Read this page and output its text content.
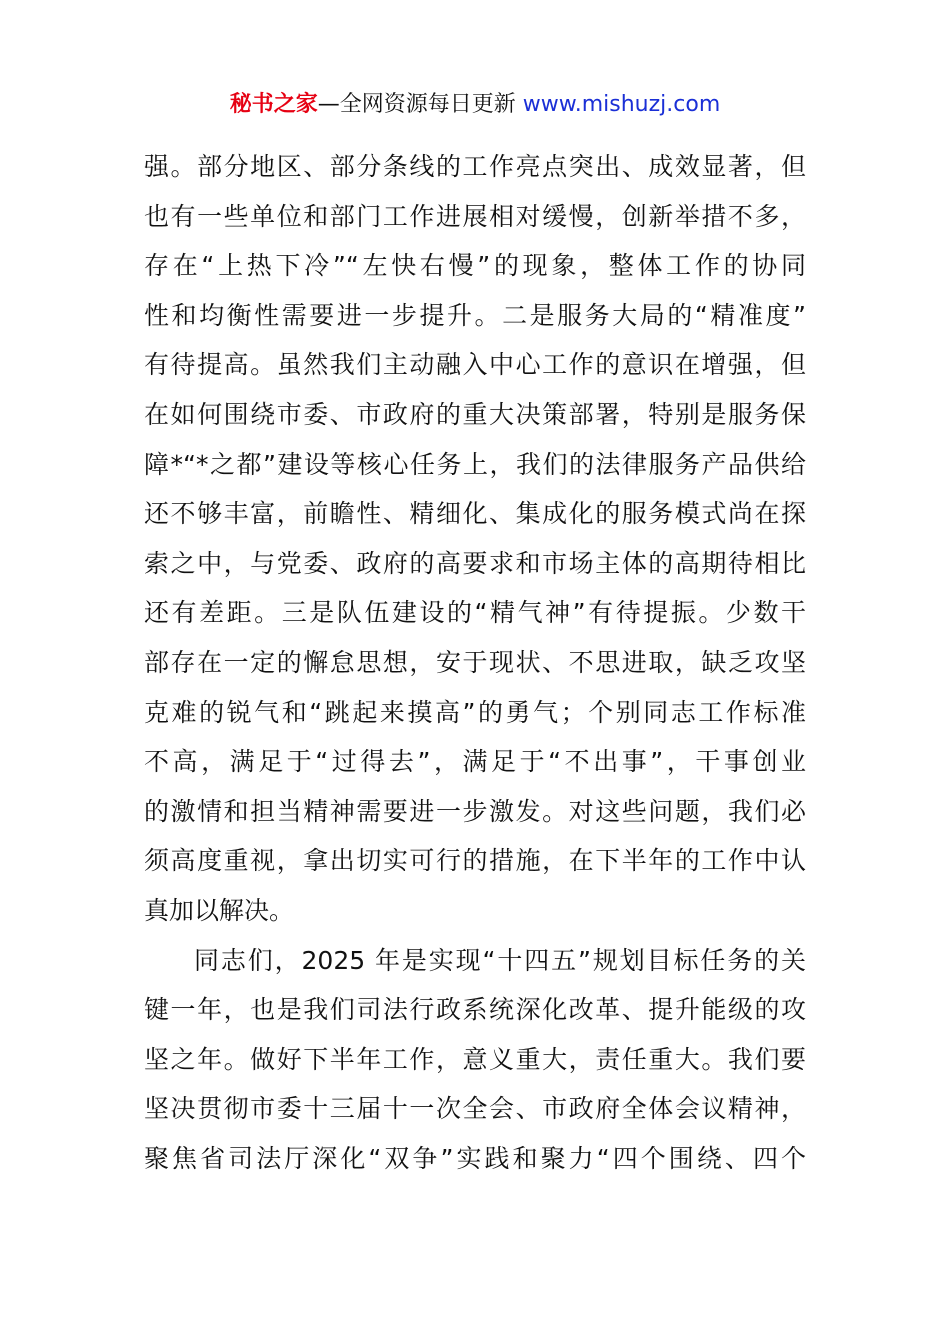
秘书之家—全网资源每日更新 www.mishuzj.com
强。部分地区、部分条线的工作亮点突出、成效显著，但
也有一些单位和部门工作进展相对缓慢，创新举措不多，
存在“上热下冷”“左快右慢”的现象，整体工作的协同
性和均衡性需要进一步提升。二是服务大局的“精准度”
有待提高。虽然我们主动融入中心工作的意识在增强，但
在如何围绕市委、市政府的重大决策部署，特别是服务保
障*“*之都”建设等核心任务上，我们的法律服务产品供给
还不够丰富，前瞻性、精细化、集成化的服务模式尚在探
索之中，与党委、政府的高要求和市场主体的高期待相比
还有差距。三是队伍建设的“精气神”有待提振。少数干
部存在一定的懈怠思想，安于现状、不思进取，缺乏攻坚
克难的锐气和“跳起来摸高”的勇气；个别同志工作标准
不高，满足于“过得去”，满足于“不出事”，干事创业
的激情和担当精神需要进一步激发。对这些问题，我们必
须高度重视，拿出切实可行的措施，在下半年的工作中认
真加以解决。
同志们，2025 年是实现“十四五”规划目标任务的关
键一年，也是我们司法行政系统深化改革、提升能级的攻
坚之年。做好下半年工作，意义重大，责任重大。我们要
坚决贯彻市委十三届十一次全会、市政府全体会议精神，
聚焦省司法厅深化“双争”实践和聚力“四个围绕、四个
